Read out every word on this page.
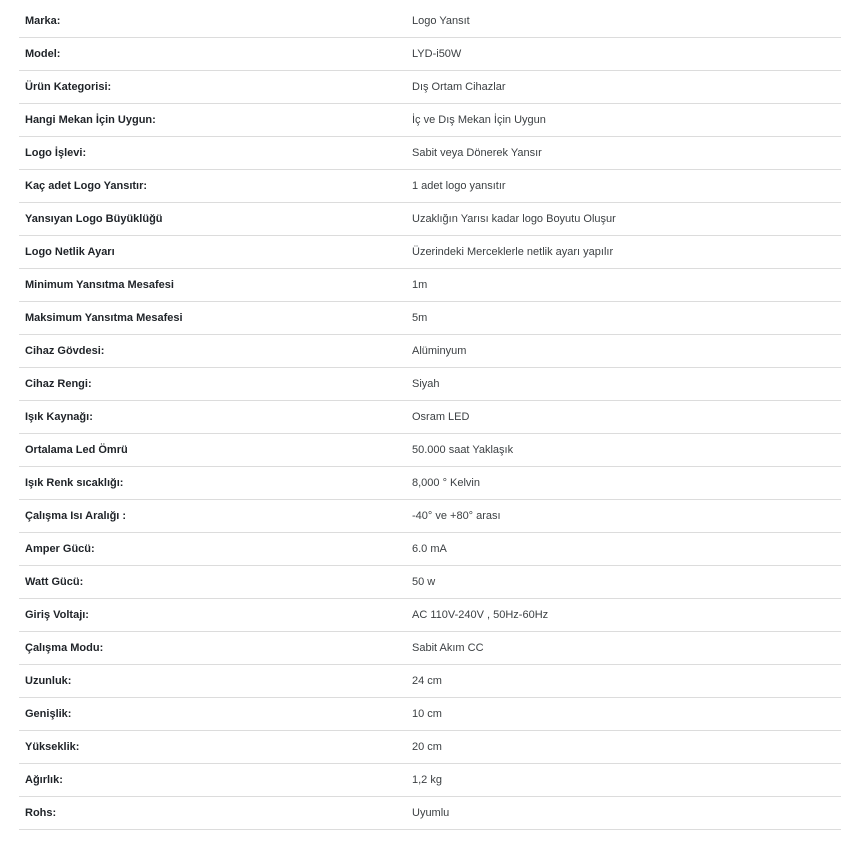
Marka:	Logo Yansıt
Model:	LYD-i50W
Ürün Kategorisi:	Dış Ortam Cihazlar
Hangi Mekan İçin Uygun:	İç ve Dış Mekan İçin Uygun
Logo İşlevi:	Sabit veya Dönerek Yansır
Kaç adet Logo Yansıtır:	1 adet logo yansıtır
Yansıyan Logo Büyüklüğü	Uzaklığın Yarısı kadar logo Boyutu Oluşur
Logo Netlik Ayarı	Üzerindeki Merceklerle netlik ayarı yapılır
Minimum Yansıtma Mesafesi	1m
Maksimum Yansıtma Mesafesi	5m
Cihaz Gövdesi:	Alüminyum
Cihaz Rengi:	Siyah
Işık Kaynağı:	Osram LED
Ortalama Led Ömrü	50.000 saat Yaklaşık
Işık Renk sıcaklığı:	8,000 ° Kelvin
Çalışma Isı Aralığı :	-40° ve +80° arası
Amper Gücü:	6.0 mA
Watt Gücü:	50 w
Giriş Voltajı:	AC 110V-240V , 50Hz-60Hz
Çalışma Modu:	Sabit Akım CC
Uzunluk:	24 cm
Genişlik:	10 cm
Yükseklik:	20 cm
Ağırlık:	1,2 kg
Rohs:	Uyumlu
